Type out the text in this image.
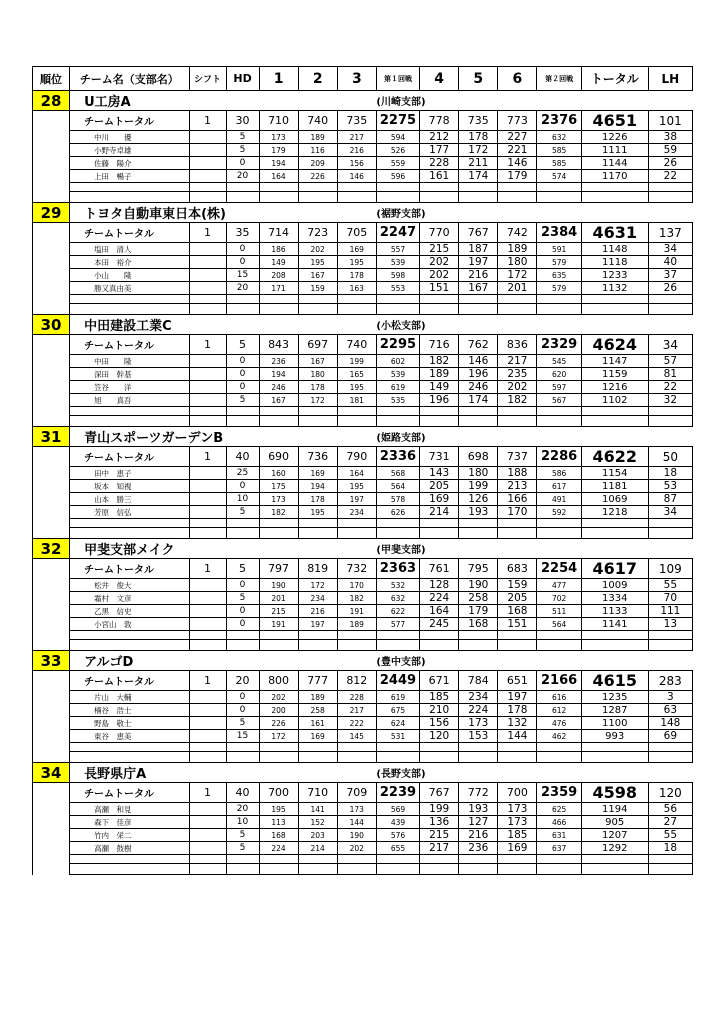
順位	チーム名（支部名）	シフト	HD	1	2	3	第１回戦	4	5	6	第２回戦	トータル	LH
28	U工房A						(川崎支部)						
	チームトータル	1	30	710	740	735	2275	778	735	773	2376	4651	101
	中川　　優		5	173	189	217	594	212	178	227	632	1226	38
	小野寺卓雄		5	179	116	216	526	177	172	221	585	1111	59
	佐藤　陽介		0	194	209	156	559	228	211	146	585	1144	26
	上田　暢子		20	164	226	146	596	161	174	179	574	1170	22

29	トヨタ自動車東日本(株)						(裾野支部)						
	チームトータル	1	35	714	723	705	2247	770	767	742	2384	4631	137
	塩田　清人		0	186	202	169	557	215	187	189	591	1148	34
	本田　裕介		0	149	195	195	539	202	197	180	579	1118	40
	小山　　隆		15	208	167	178	598	202	216	172	635	1233	37
	勝又真由美		20	171	159	163	553	151	167	201	579	1132	26

30	中田建設工業C						(小松支部)						
	チームトータル	1	5	843	697	740	2295	716	762	836	2329	4624	34
	中田　　隆		0	236	167	199	602	182	146	217	545	1147	57
	深田　幹基		0	194	180	165	539	189	196	235	620	1159	81
	笠谷　　洋		0	246	178	195	619	149	246	202	597	1216	22
	旭　　真吾		5	167	172	181	535	196	174	182	567	1102	32

31	青山スポーツガーデンB						(姫路支部)						
	チームトータル	1	40	690	736	790	2336	731	698	737	2286	4622	50
	田中　恵子		25	160	169	164	568	143	180	188	586	1154	18
	坂本　知視		0	175	194	195	564	205	199	213	617	1181	53
	山本　勝三		10	173	178	197	578	169	126	166	491	1069	87
	芳原　信弘		5	182	195	234	626	214	193	170	592	1218	34

32	甲斐支部メイク						(甲斐支部)						
	チームトータル	1	5	797	819	732	2363	761	795	683	2254	4617	109
	松井　俊大		0	190	172	170	532	128	190	159	477	1009	55
	霜村　文彦		5	201	234	182	632	224	258	205	702	1334	70
	乙黒　信史		0	215	216	191	622	164	179	168	511	1133	111
	小宮山　敦		0	191	197	189	577	245	168	151	564	1141	13

33	アルゴD						(豊中支部)						
	チームトータル	1	20	800	777	812	2449	671	784	651	2166	4615	283
	片山　大輔		0	202	189	228	619	185	234	197	616	1235	3
	楠谷　浩士		0	200	258	217	675	210	224	178	612	1287	63
	野島　敬士		5	226	161	222	624	156	173	132	476	1100	148
	東谷　恵美		15	172	169	145	531	120	153	144	462	993	69

34	長野県庁A						(長野支部)						
	チームトータル	1	40	700	710	709	2239	767	772	700	2359	4598	120
	高瀬　和見		20	195	141	173	569	199	193	173	625	1194	56
	森下　佳彦		10	113	152	144	439	136	127	173	466	905	27
	竹内　栄二		5	168	203	190	576	215	216	185	631	1207	55
	高瀬　鼓樹		5	224	214	202	655	217	236	169	637	1292	18
